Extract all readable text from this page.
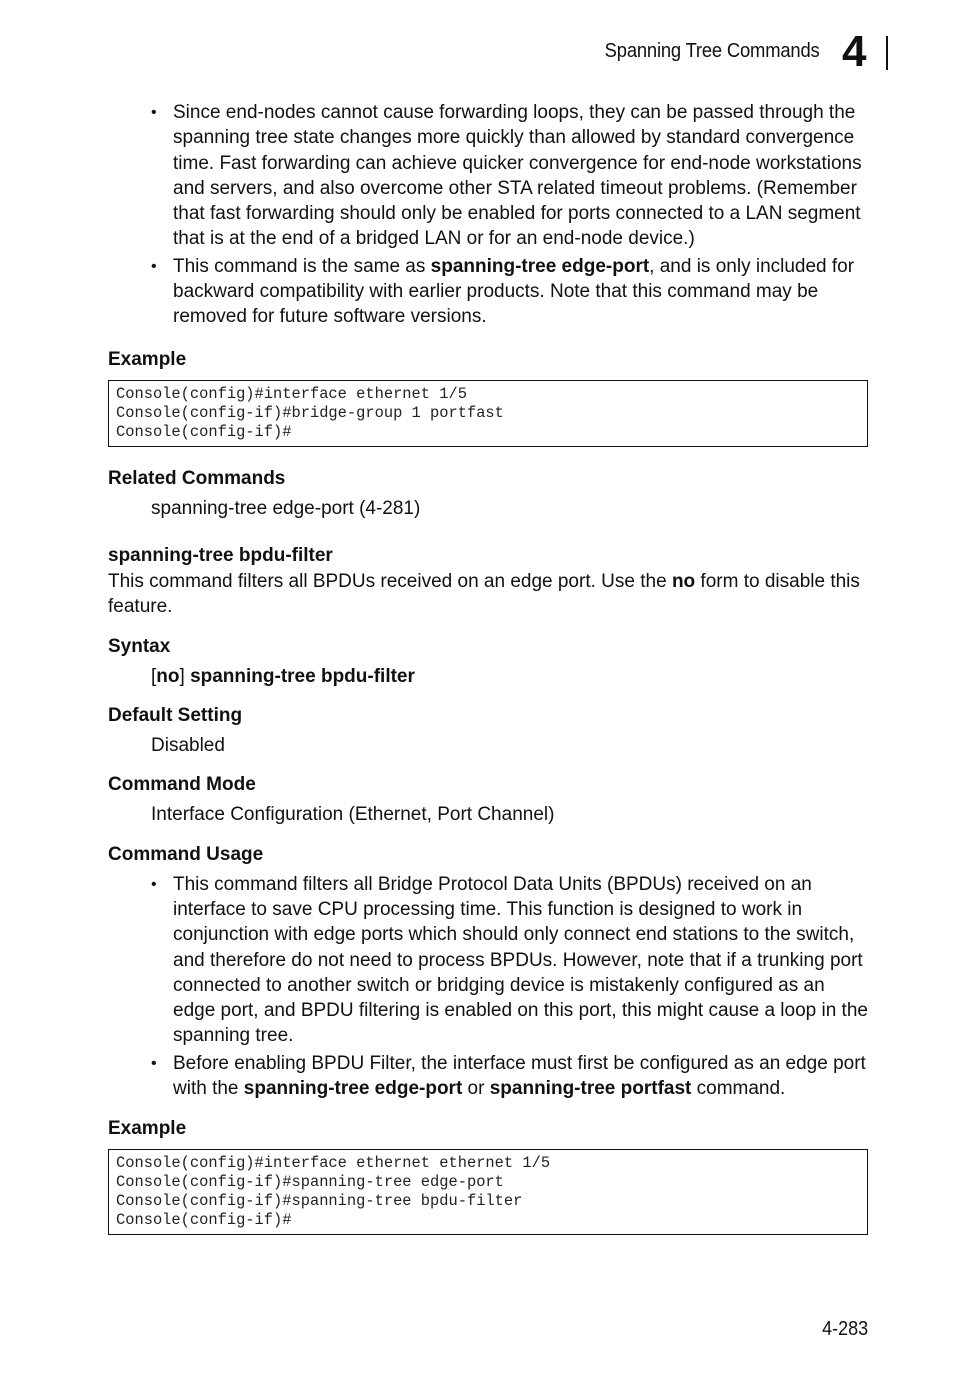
Spanning Tree Commands 4
• Since end-nodes cannot cause forwarding loops, they can be passed through the spanning tree state changes more quickly than allowed by standard convergence time. Fast forwarding can achieve quicker convergence for end-node workstations and servers, and also overcome other STA related timeout problems. (Remember that fast forwarding should only be enabled for ports connected to a LAN segment that is at the end of a bridged LAN or for an end-node device.)
• This command is the same as spanning-tree edge-port, and is only included for backward compatibility with earlier products. Note that this command may be removed for future software versions.
Example
Console(config)#interface ethernet 1/5
Console(config-if)#bridge-group 1 portfast
Console(config-if)#
Related Commands

spanning-tree edge-port (4-281)

spanning-tree bpdu-filter

This command filters all BPDUs received on an edge port. Use the no form to disable this feature.

Syntax

[no] spanning-tree bpdu-filter

Default Setting

Disabled

Command Mode

Interface Configuration (Ethernet, Port Channel)

Command Usage
• This command filters all Bridge Protocol Data Units (BPDUs) received on an interface to save CPU processing time. This function is designed to work in conjunction with edge ports which should only connect end stations to the switch, and therefore do not need to process BPDUs. However, note that if a trunking port connected to another switch or bridging device is mistakenly configured as an edge port, and BPDU filtering is enabled on this port, this might cause a loop in the spanning tree.
• Before enabling BPDU Filter, the interface must first be configured as an edge port with the spanning-tree edge-port or spanning-tree portfast command.
Example
Console(config)#interface ethernet ethernet 1/5
Console(config-if)#spanning-tree edge-port
Console(config-if)#spanning-tree bpdu-filter
Console(config-if)#
4-283
